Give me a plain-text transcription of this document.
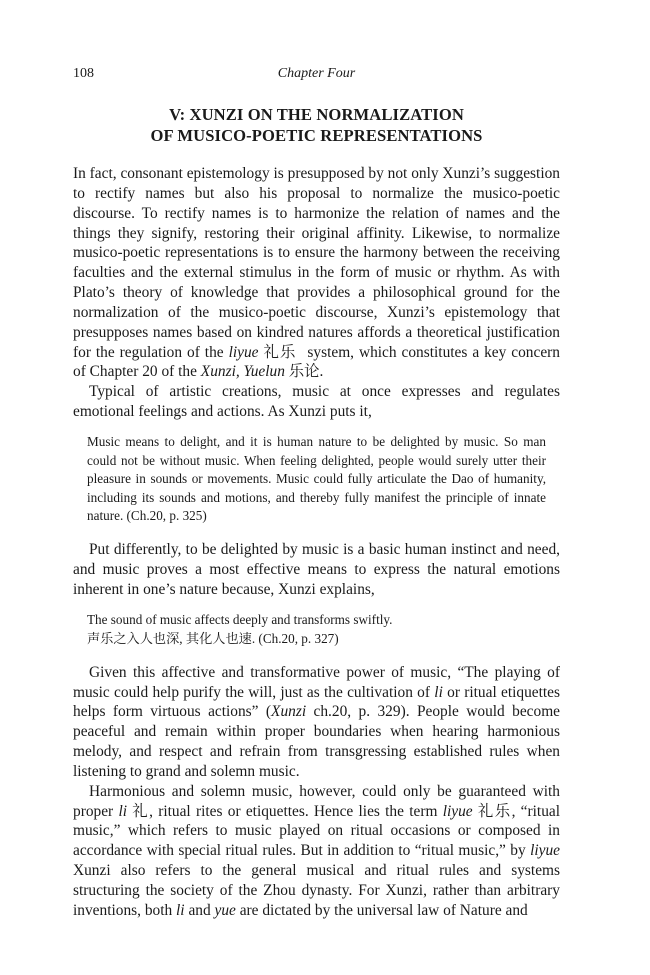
108	Chapter Four
V: XUNZI ON THE NORMALIZATION
OF MUSICO-POETIC REPRESENTATIONS

In fact, consonant epistemology is presupposed by not only Xunzi’s suggestion to rectify names but also his proposal to normalize the musico-poetic discourse. To rectify names is to harmonize the relation of names and the things they signify, restoring their original affinity. Likewise, to normalize musico-poetic representations is to ensure the harmony between the receiving faculties and the external stimulus in the form of music or rhythm. As with Plato’s theory of knowledge that provides a philosophical ground for the normalization of the musico-poetic discourse, Xunzi’s epistemology that presupposes names based on kindred natures affords a theoretical justification for the regulation of the liyue 礼乐 system, which constitutes a key concern of Chapter 20 of the Xunzi, Yuelun 乐论.

Typical of artistic creations, music at once expresses and regulates emotional feelings and actions. As Xunzi puts it,

Music means to delight, and it is human nature to be delighted by music. So man could not be without music. When feeling delighted, people would surely utter their pleasure in sounds or movements. Music could fully articulate the Dao of humanity, including its sounds and motions, and thereby fully manifest the principle of innate nature. (Ch.20, p. 325)

Put differently, to be delighted by music is a basic human instinct and need, and music proves a most effective means to express the natural emotions inherent in one’s nature because, Xunzi explains,

The sound of music affects deeply and transforms swiftly.
声乐之入人也深, 其化人也速. (Ch.20, p. 327)

Given this affective and transformative power of music, “The playing of music could help purify the will, just as the cultivation of li or ritual etiquettes helps form virtuous actions” (Xunzi ch.20, p. 329). People would become peaceful and remain within proper boundaries when hearing harmonious melody, and respect and refrain from transgressing established rules when listening to grand and solemn music.

Harmonious and solemn music, however, could only be guaranteed with proper li 礼, ritual rites or etiquettes. Hence lies the term liyue 礼乐, “ritual music,” which refers to music played on ritual occasions or composed in accordance with special ritual rules. But in addition to “ritual music,” by liyue Xunzi also refers to the general musical and ritual rules and systems structuring the society of the Zhou dynasty. For Xunzi, rather than arbitrary inventions, both li and yue are dictated by the universal law of Nature and
